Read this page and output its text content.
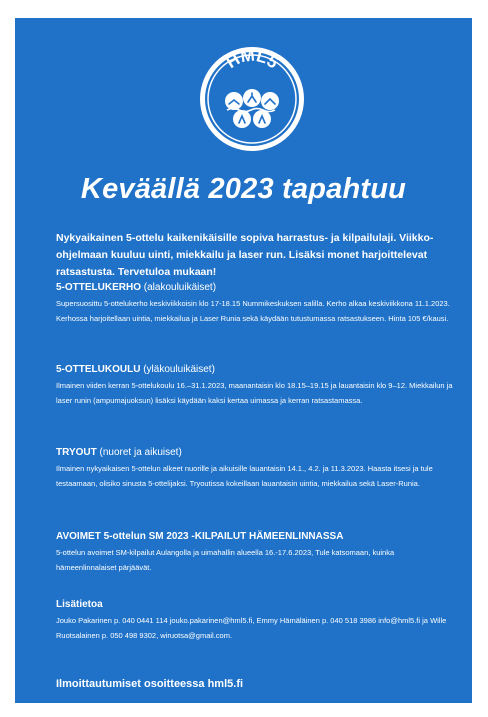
HML5
Keväällä 2023 tapahtuu
Nykyaikainen 5-ottelu kaikenikäisille sopiva harrastus- ja kilpailulaji. Viikko-ohjelmaan kuuluu uinti, miekkailu ja laser run. Lisäksi monet harjoittelevat ratsastusta. Tervetuloa mukaan!
5-OTTELUKERHO (alakouluikäiset)
Supersuosittu 5-ottelukerho keskiviikkoisin klo 17-18.15 Nummikeskuksen salilla. Kerho alkaa keskiviikkona 11.1.2023. Kerhossa harjoitellaan uintia, miekkailua ja Laser Runia sekä käydään tutustumassa ratsastukseen. Hinta 105 €/kausi.
5-OTTELUKOULU (yläkouluikäiset)
Ilmainen viiden kerran 5-ottelukoulu 16.–31.1.2023, maanantaisin klo 18.15–19.15 ja lauantaisin klo 9–12. Miekkailun ja laser runin (ampumajuoksun) lisäksi käydään kaksi kertaa uimassa ja kerran ratsastamassa.
TRYOUT (nuoret ja aikuiset)
Ilmainen nykyaikaisen 5-ottelun alkeet nuorille ja aikuisille lauantaisin 14.1., 4.2. ja 11.3.2023. Haasta itsesi ja tule testaamaan, olisiko sinusta 5-ottelijaksi. Tryoutissa kokeillaan lauantaisin uintia, miekkailua sekä Laser-Runia.
AVOIMET 5-ottelun SM 2023 -KILPAILUT HÄMEENLINNASSA
5-ottelun avoimet SM-kilpailut Aulangolla ja uimahallin alueella 16.-17.6.2023, Tule katsomaan, kuinka hämeenlinnalaiset pärjäävät.
Lisätietoa
Jouko Pakarinen p. 040 0441 114 jouko.pakarinen@hml5.fi, Emmy Hämäläinen p. 040 518 3986 info@hml5.fi ja Wille Ruotsalainen p. 050 498 9302, wiruotsa@gmail.com.
Ilmoittautumiset osoitteessa hml5.fi
